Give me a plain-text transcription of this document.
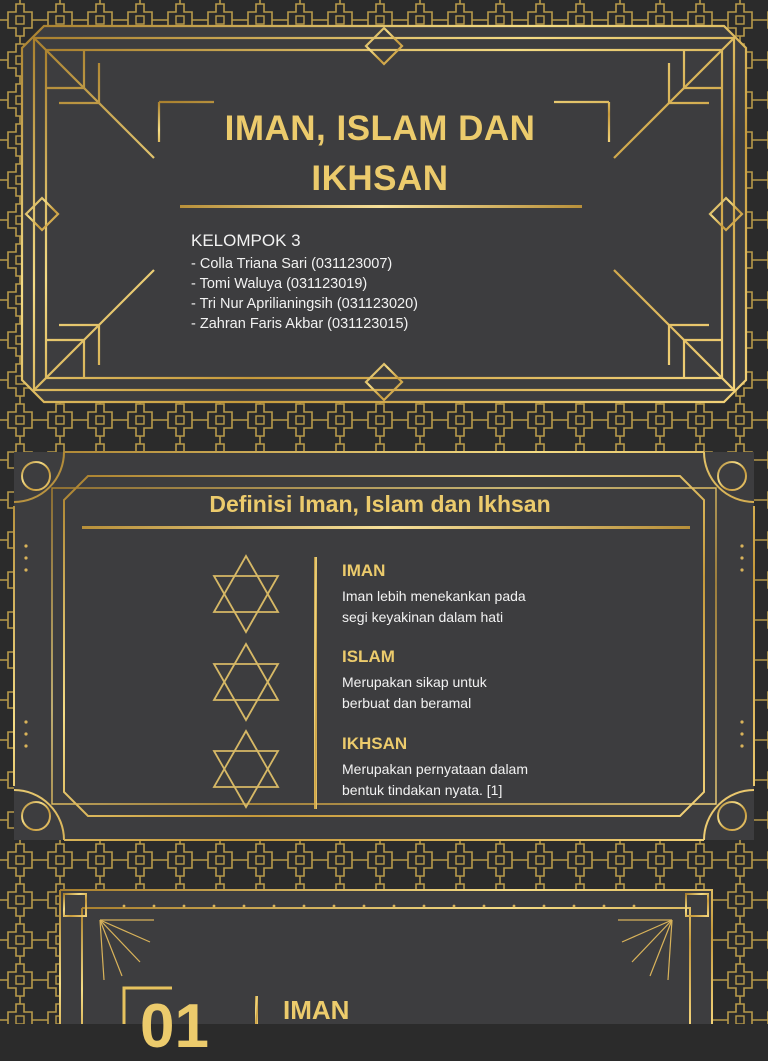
IMAN, ISLAM DAN
IKHSAN
KELOMPOK 3
- Colla Triana Sari (031123007)
- Tomi Waluya (031123019)
- Tri Nur Aprilianingsih (031123020)
- Zahran Faris Akbar (031123015)
Definisi Iman, Islam dan Ikhsan
IMAN
Iman lebih menekankan pada
segi keyakinan dalam hati
ISLAM
Merupakan sikap untuk
berbuat dan beramal
IKHSAN
Merupakan pernyataan dalam
bentuk tindakan nyata. [1]
01	IMAN
